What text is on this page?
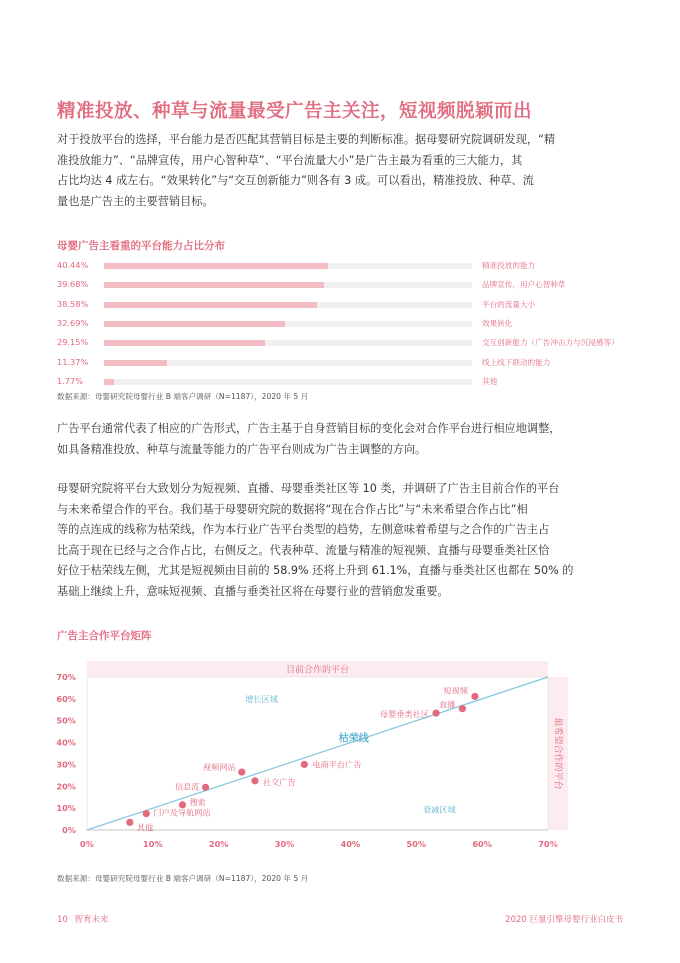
精准投放、种草与流量最受广告主关注，短视频脱颖而出
对于投放平台的选择，平台能力是否匹配其营销目标是主要的判断标准。据母婴研究院调研发现，“精
准投放能力”、“品牌宣传，用户心智种草”、“平台流量大小”是广告主最为看重的三大能力，其
占比均达 4 成左右。“效果转化”与“交互创新能力”则各有 3 成。可以看出，精准投放、种草、流
量也是广告主的主要营销目标。
母婴广告主看重的平台能力占比分布
40.44%	精准投放的能力
39.68%	品牌宣传，用户心智种草
38.58%	平台的流量大小
32.69%	效果转化
29.15%	交互创新能力（广告冲击力与沉浸感等）
11.37%	线上线下联动的能力
1.77%	其他
数据来源：母婴研究院母婴行业 B 端客户调研（N=1187），2020 年 5 月
广告平台通常代表了相应的广告形式，广告主基于自身营销目标的变化会对合作平台进行相应地调整，
如具备精准投放、种草与流量等能力的广告平台则成为广告主调整的方向。
母婴研究院将平台大致划分为短视频、直播、母婴垂类社区等 10 类，并调研了广告主目前合作的平台
与未来希望合作的平台。我们基于母婴研究院的数据将“现在合作占比”与“未来希望合作占比”相
等的点连成的线称为枯荣线，作为本行业广告平台类型的趋势，左侧意味着希望与之合作的广告主占
比高于现在已经与之合作占比，右侧反之。代表种草、流量与精准的短视频、直播与母婴垂类社区恰
好位于枯荣线左侧，尤其是短视频由目前的 58.9% 还将上升到 61.1%，直播与垂类社区也都在 50% 的
基础上继续上升，意味短视频、直播与垂类社区将在母婴行业的营销愈发重要。
广告主合作平台矩阵
目前合作的平台
最希望合作的平台
0%	10%	20%	30%	40%	50%	60%	70%
0%
10%
20%
30%
40%
50%
60%
70%
枯荣线
增长区域
衰减区域
短视频
直播
母婴垂类社区
电商平台广告
视频网站
社交广告
信息流
搜索
门户及导航网站
其他
数据来源：母婴研究院母婴行业 B 端客户调研（N=1187），2020 年 5 月
10 智育未来	2020 巨量引擎母婴行业白皮书
